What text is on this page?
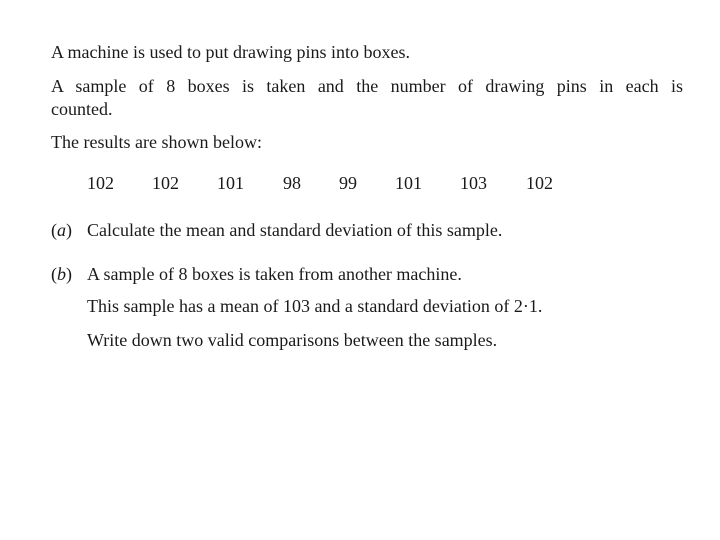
A machine is used to put drawing pins into boxes.
A sample of 8 boxes is taken and the number of drawing pins in each is
counted.
The results are shown below:
102 102 101 98 99 101 103 102
(a) Calculate the mean and standard deviation of this sample.
(b) A sample of 8 boxes is taken from another machine.
This sample has a mean of 103 and a standard deviation of 2·1.
Write down two valid comparisons between the samples.
